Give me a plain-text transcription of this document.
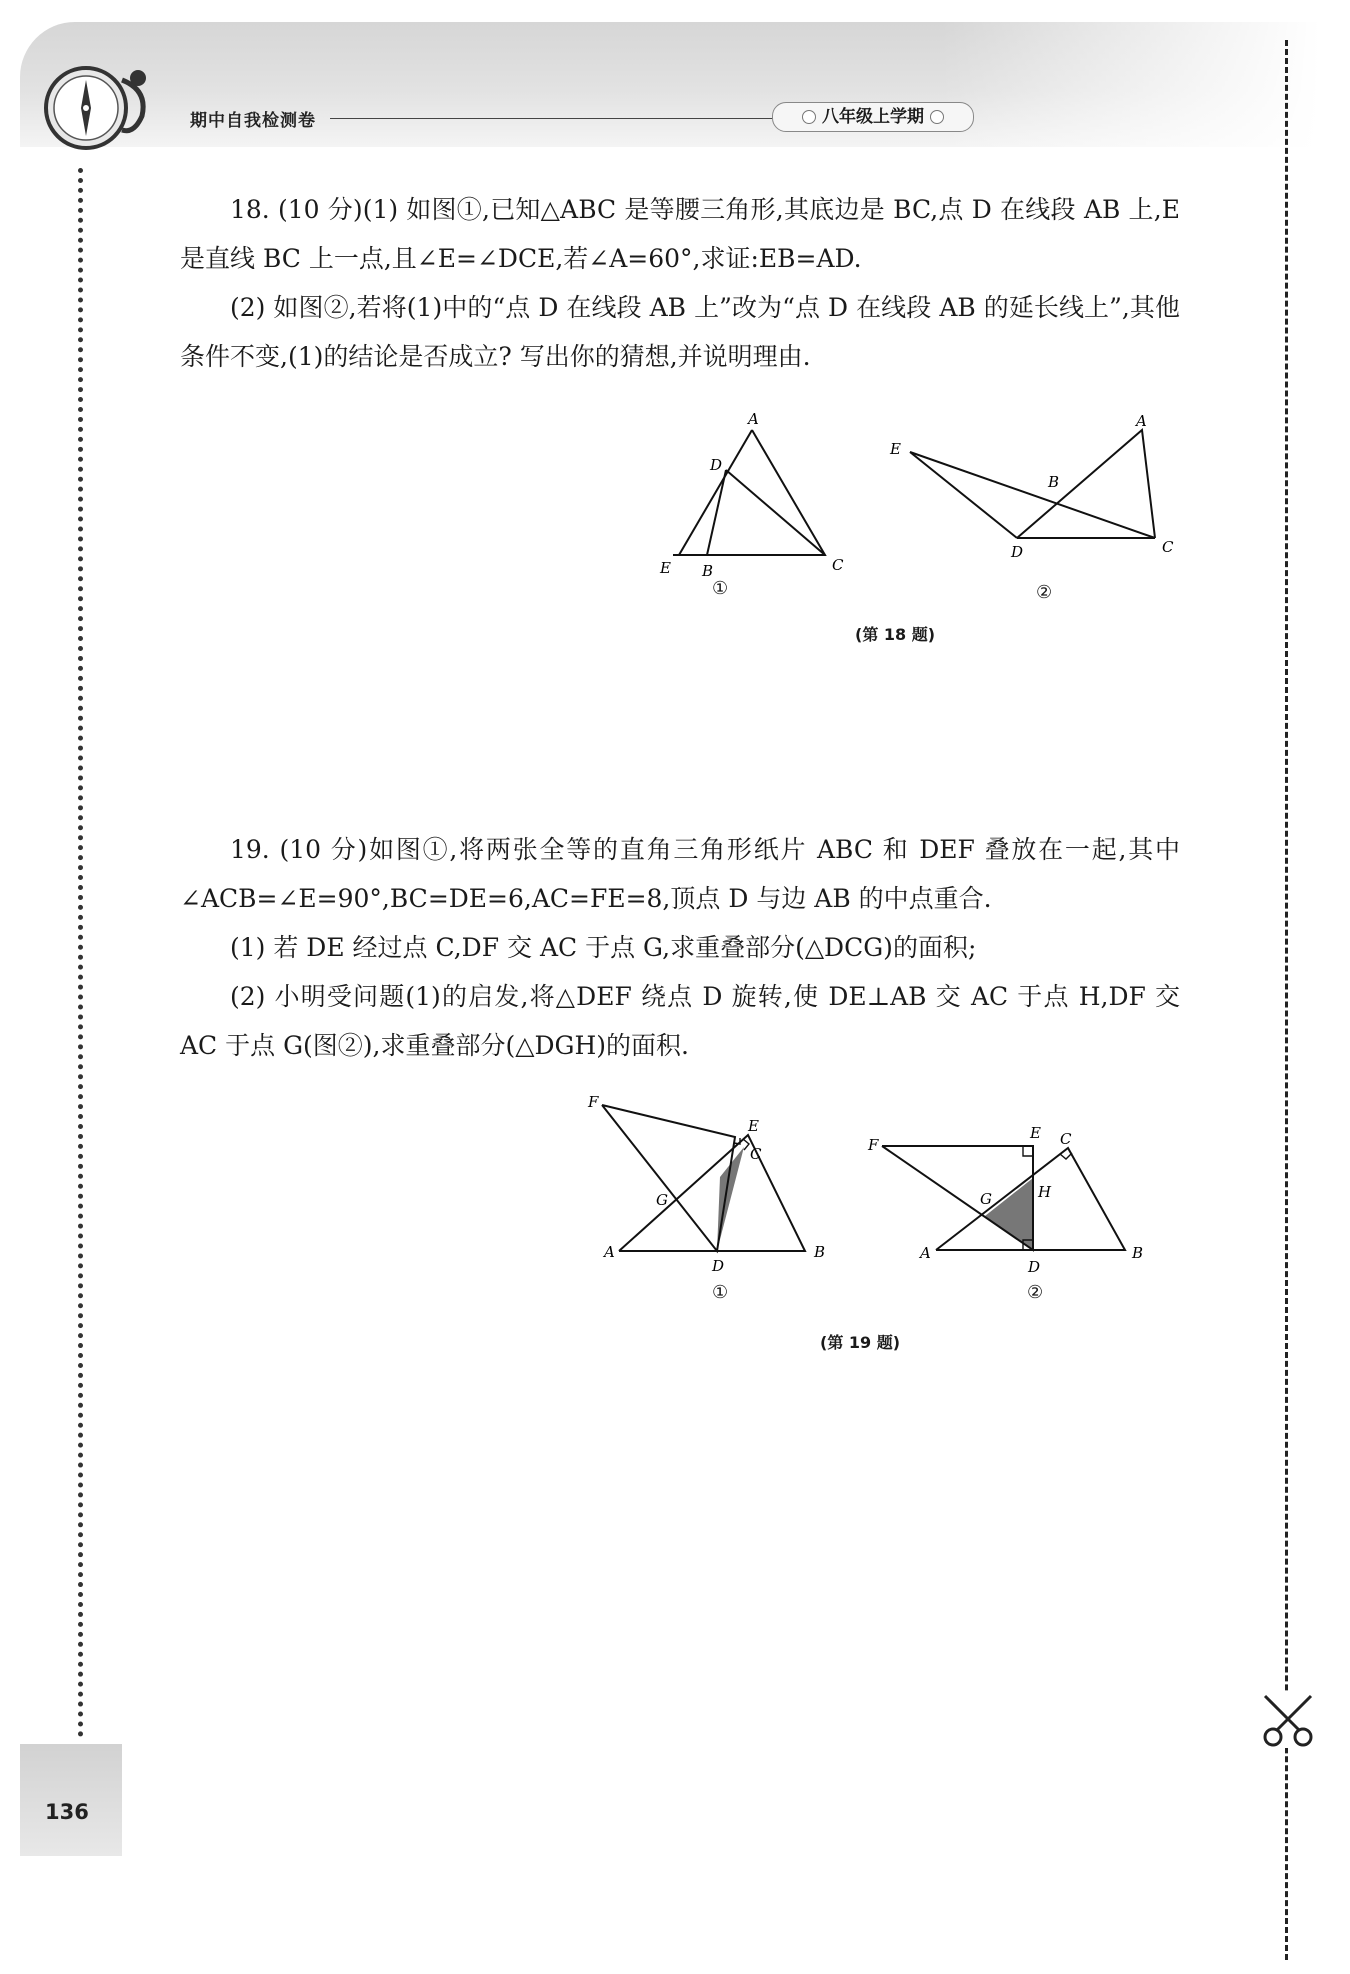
期中自我检测卷	八年级上学期

18. (10 分)(1) 如图①,已知△ABC 是等腰三角形,其底边是 BC,点 D 在线段 AB 上,E 是直线 BC 上一点,且∠E=∠DCE,若∠A=60°,求证:EB=AD.

(2) 如图②,若将(1)中的“点 D 在线段 AB 上”改为“点 D 在线段 AB 的延长线上”,其他条件不变,(1)的结论是否成立? 写出你的猜想,并说明理由.

A
D
C
E B
①
E
A
B
D	C
②
(第 18 题)

19. (10 分)如图①,将两张全等的直角三角形纸片 ABC 和 DEF 叠放在一起,其中∠ACB=∠E=90°,BC=DE=6,AC=FE=8,顶点 D 与边 AB 的中点重合.

(1) 若 DE 经过点 C,DF 交 AC 于点 G,求重叠部分(△DCG)的面积;

(2) 小明受问题(1)的启发,将△DEF 绕点 D 旋转,使 DE⊥AB 交 AC 于点 H,DF 交 AC 于点 G(图②),求重叠部分(△DGH)的面积.

F
E
C
G
A	B
D
①
F
E C
H
G
A	B
D
②
(第 19 题)
136
